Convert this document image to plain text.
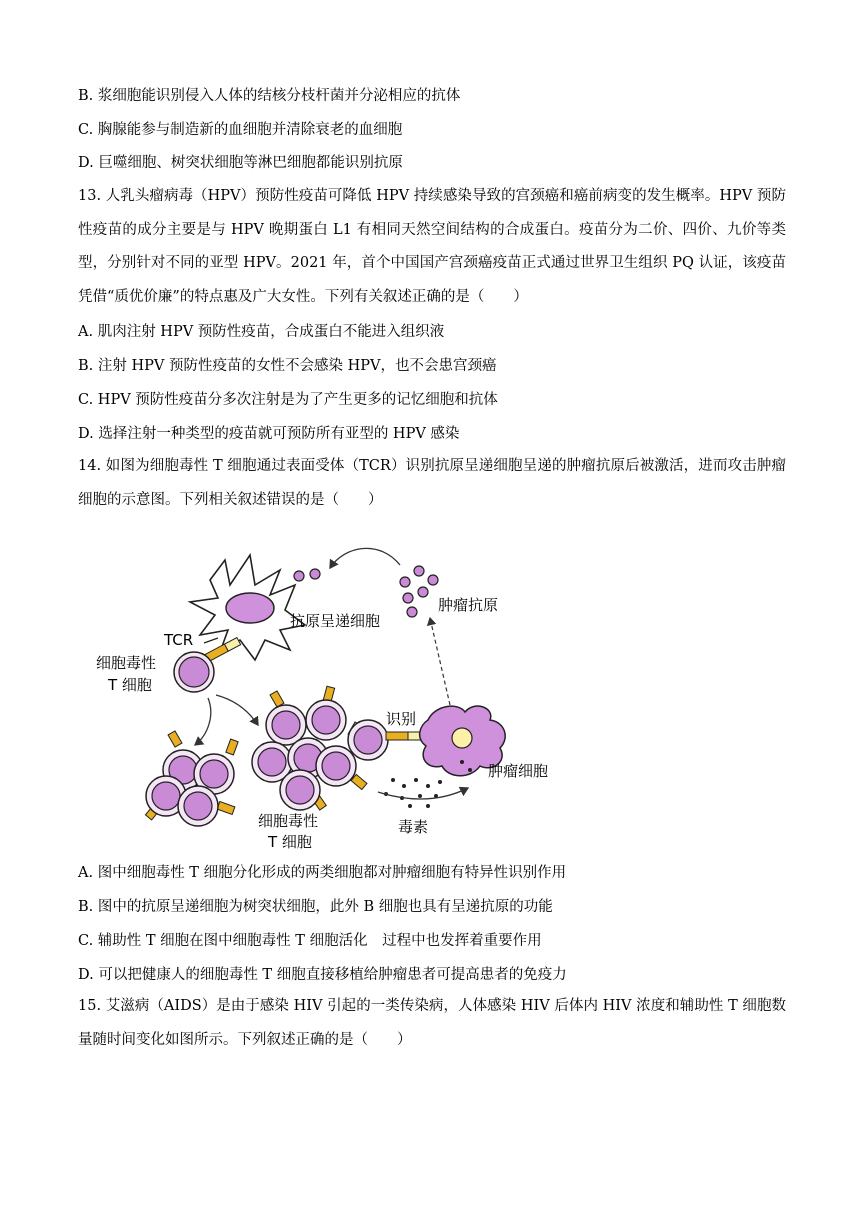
B. 浆细胞能识别侵入人体的结核分枝杆菌并分泌相应的抗体
C. 胸腺能参与制造新的血细胞并清除衰老的血细胞
D. 巨噬细胞、树突状细胞等淋巴细胞都能识别抗原
13. 人乳头瘤病毒（HPV）预防性疫苗可降低 HPV 持续感染导致的宫颈癌和癌前病变的发生概率。HPV 预防性疫苗的成分主要是与 HPV 晚期蛋白 L1 有相同天然空间结构的合成蛋白。疫苗分为二价、四价、九价等类型，分别针对不同的亚型 HPV。2021 年，首个中国国产宫颈癌疫苗正式通过世界卫生组织 PQ 认证，该疫苗凭借“质优价廉”的特点惠及广大女性。下列有关叙述正确的是（　　）
A. 肌肉注射 HPV 预防性疫苗，合成蛋白不能进入组织液
B. 注射 HPV 预防性疫苗的女性不会感染 HPV，也不会患宫颈癌
C. HPV 预防性疫苗分多次注射是为了产生更多的记忆细胞和抗体
D. 选择注射一种类型的疫苗就可预防所有亚型的 HPV 感染
14. 如图为细胞毒性 T 细胞通过表面受体（TCR）识别抗原呈递细胞呈递的肿瘤抗原后被激活，进而攻击肿瘤细胞的示意图。下列相关叙述错误的是（　　）
肿瘤抗原
抗原呈递细胞
TCR
细胞毒性
T 细胞
细胞毒性
T 细胞
识别
肿瘤细胞
毒素
A. 图中细胞毒性 T 细胞分化形成的两类细胞都对肿瘤细胞有特异性识别作用
B. 图中的抗原呈递细胞为树突状细胞，此外 B 细胞也具有呈递抗原的功能
C. 辅助性 T 细胞在图中细胞毒性 T 细胞活化　过程中也发挥着重要作用
D. 可以把健康人的细胞毒性 T 细胞直接移植给肿瘤患者可提高患者的免疫力
15. 艾滋病（AIDS）是由于感染 HIV 引起的一类传染病，人体感染 HIV 后体内 HIV 浓度和辅助性 T 细胞数量随时间变化如图所示。下列叙述正确的是（　　）
